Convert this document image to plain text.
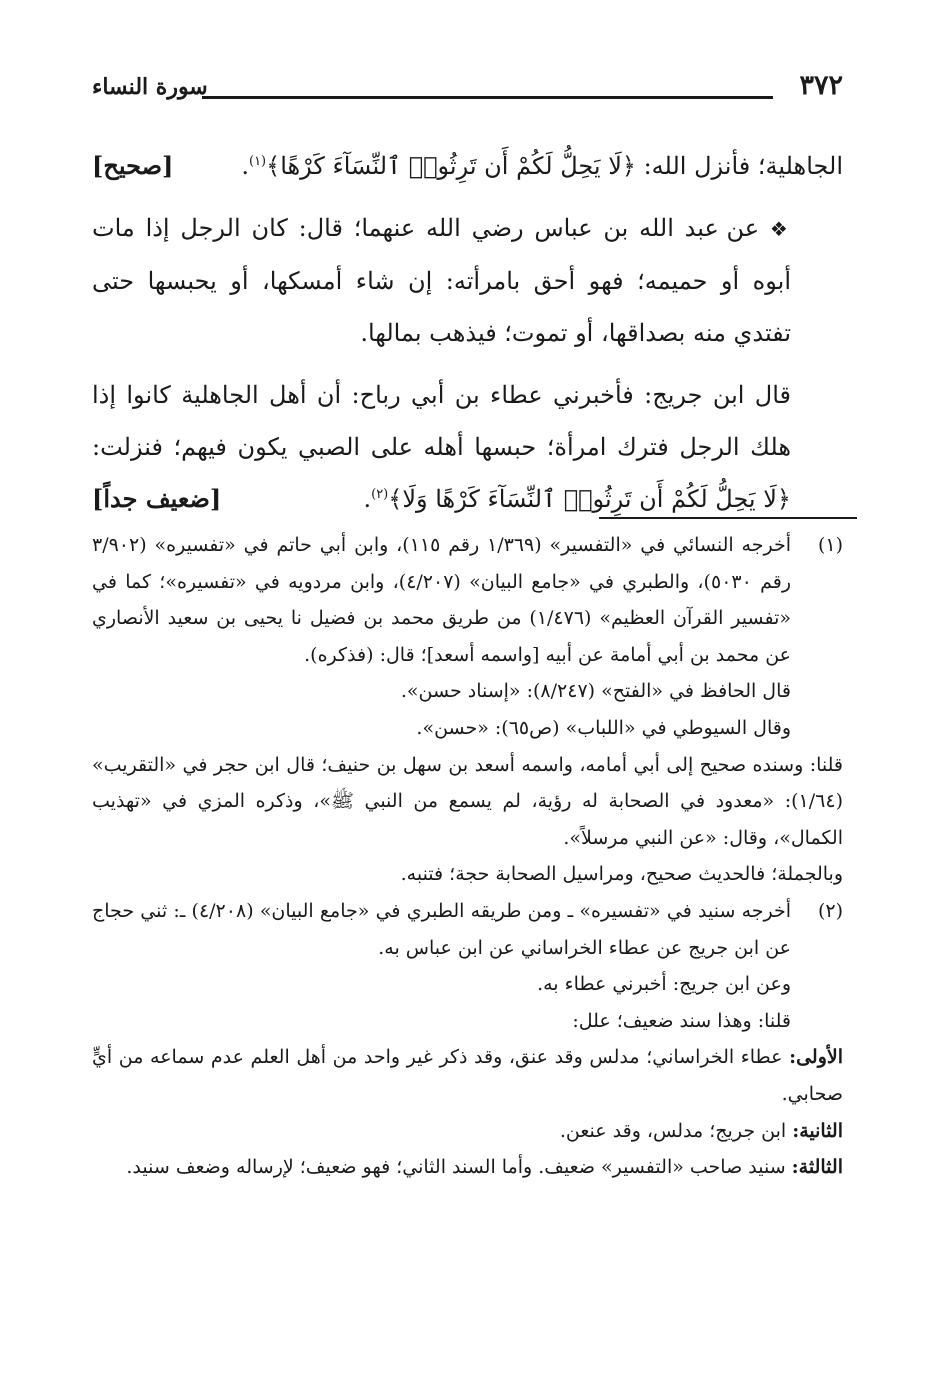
٣٧٢
سورة النساء

الجاهلية؛ فأنزل الله: ﴿لَا يَحِلُّ لَكُمْ أَن تَرِثُوا۟ ٱلنِّسَآءَ كَرْهًا﴾$^{(١)}$.
[صحيح]

❖ عن عبد الله بن عباس رضي الله عنهما؛ قال: كان الرجل إذا مات أبوه أو حميمه؛ فهو أحق بامرأته: إن شاء أمسكها، أو يحبسها حتى تفتدي منه بصداقها، أو تموت؛ فيذهب بمالها.

قال ابن جريج: فأخبرني عطاء بن أبي رباح: أن أهل الجاهلية كانوا إذا هلك الرجل فترك امرأة؛ حبسها أهله على الصبي يكون فيهم؛ فنزلت: ﴿لَا يَحِلُّ لَكُمْ أَن تَرِثُوا۟ ٱلنِّسَآءَ كَرْهًا وَلَا﴾$^{(٢)}$.
[ضعيف جداً]

(١)

أخرجه النسائي في «التفسير» (١/٣٦٩ رقم ١١٥)، وابن أبي حاتم في «تفسيره» (٣/٩٠٢ رقم ٥٠٣٠)، والطبري في «جامع البيان» (٤/٢٠٧)، وابن مردويه في «تفسيره»؛ كما في «تفسير القرآن العظيم» (١/٤٧٦) من طريق محمد بن فضيل نا يحيى بن سعيد الأنصاري عن محمد بن أبي أمامة عن أبيه [واسمه أسعد]؛ قال: (فذكره).

قال الحافظ في «الفتح» (٨/٢٤٧): «إسناد حسن».

وقال السيوطي في «اللباب» (ص٦٥): «حسن».

قلنا: وسنده صحيح إلى أبي أمامه، واسمه أسعد بن سهل بن حنيف؛ قال ابن حجر في «التقريب» (١/٦٤): «معدود في الصحابة له رؤية، لم يسمع من النبي ﷺ»، وذكره المزي في «تهذيب الكمال»، وقال: «عن النبي مرسلاً».

وبالجملة؛ فالحديث صحيح، ومراسيل الصحابة حجة؛ فتنبه.

(٢)

أخرجه سنيد في «تفسيره» ـ ومن طريقه الطبري في «جامع البيان» (٤/٢٠٨) ـ: ثني حجاج عن ابن جريج عن عطاء الخراساني عن ابن عباس به.

وعن ابن جريج: أخبرني عطاء به.

قلنا: وهذا سند ضعيف؛ علل:

الأولى: عطاء الخراساني؛ مدلس وقد عنق، وقد ذكر غير واحد من أهل العلم عدم سماعه من أيٍّ صحابي.

الثانية: ابن جريج؛ مدلس، وقد عنعن.

الثالثة: سنيد صاحب «التفسير» ضعيف. وأما السند الثاني؛ فهو ضعيف؛ لإرساله وضعف سنيد.
